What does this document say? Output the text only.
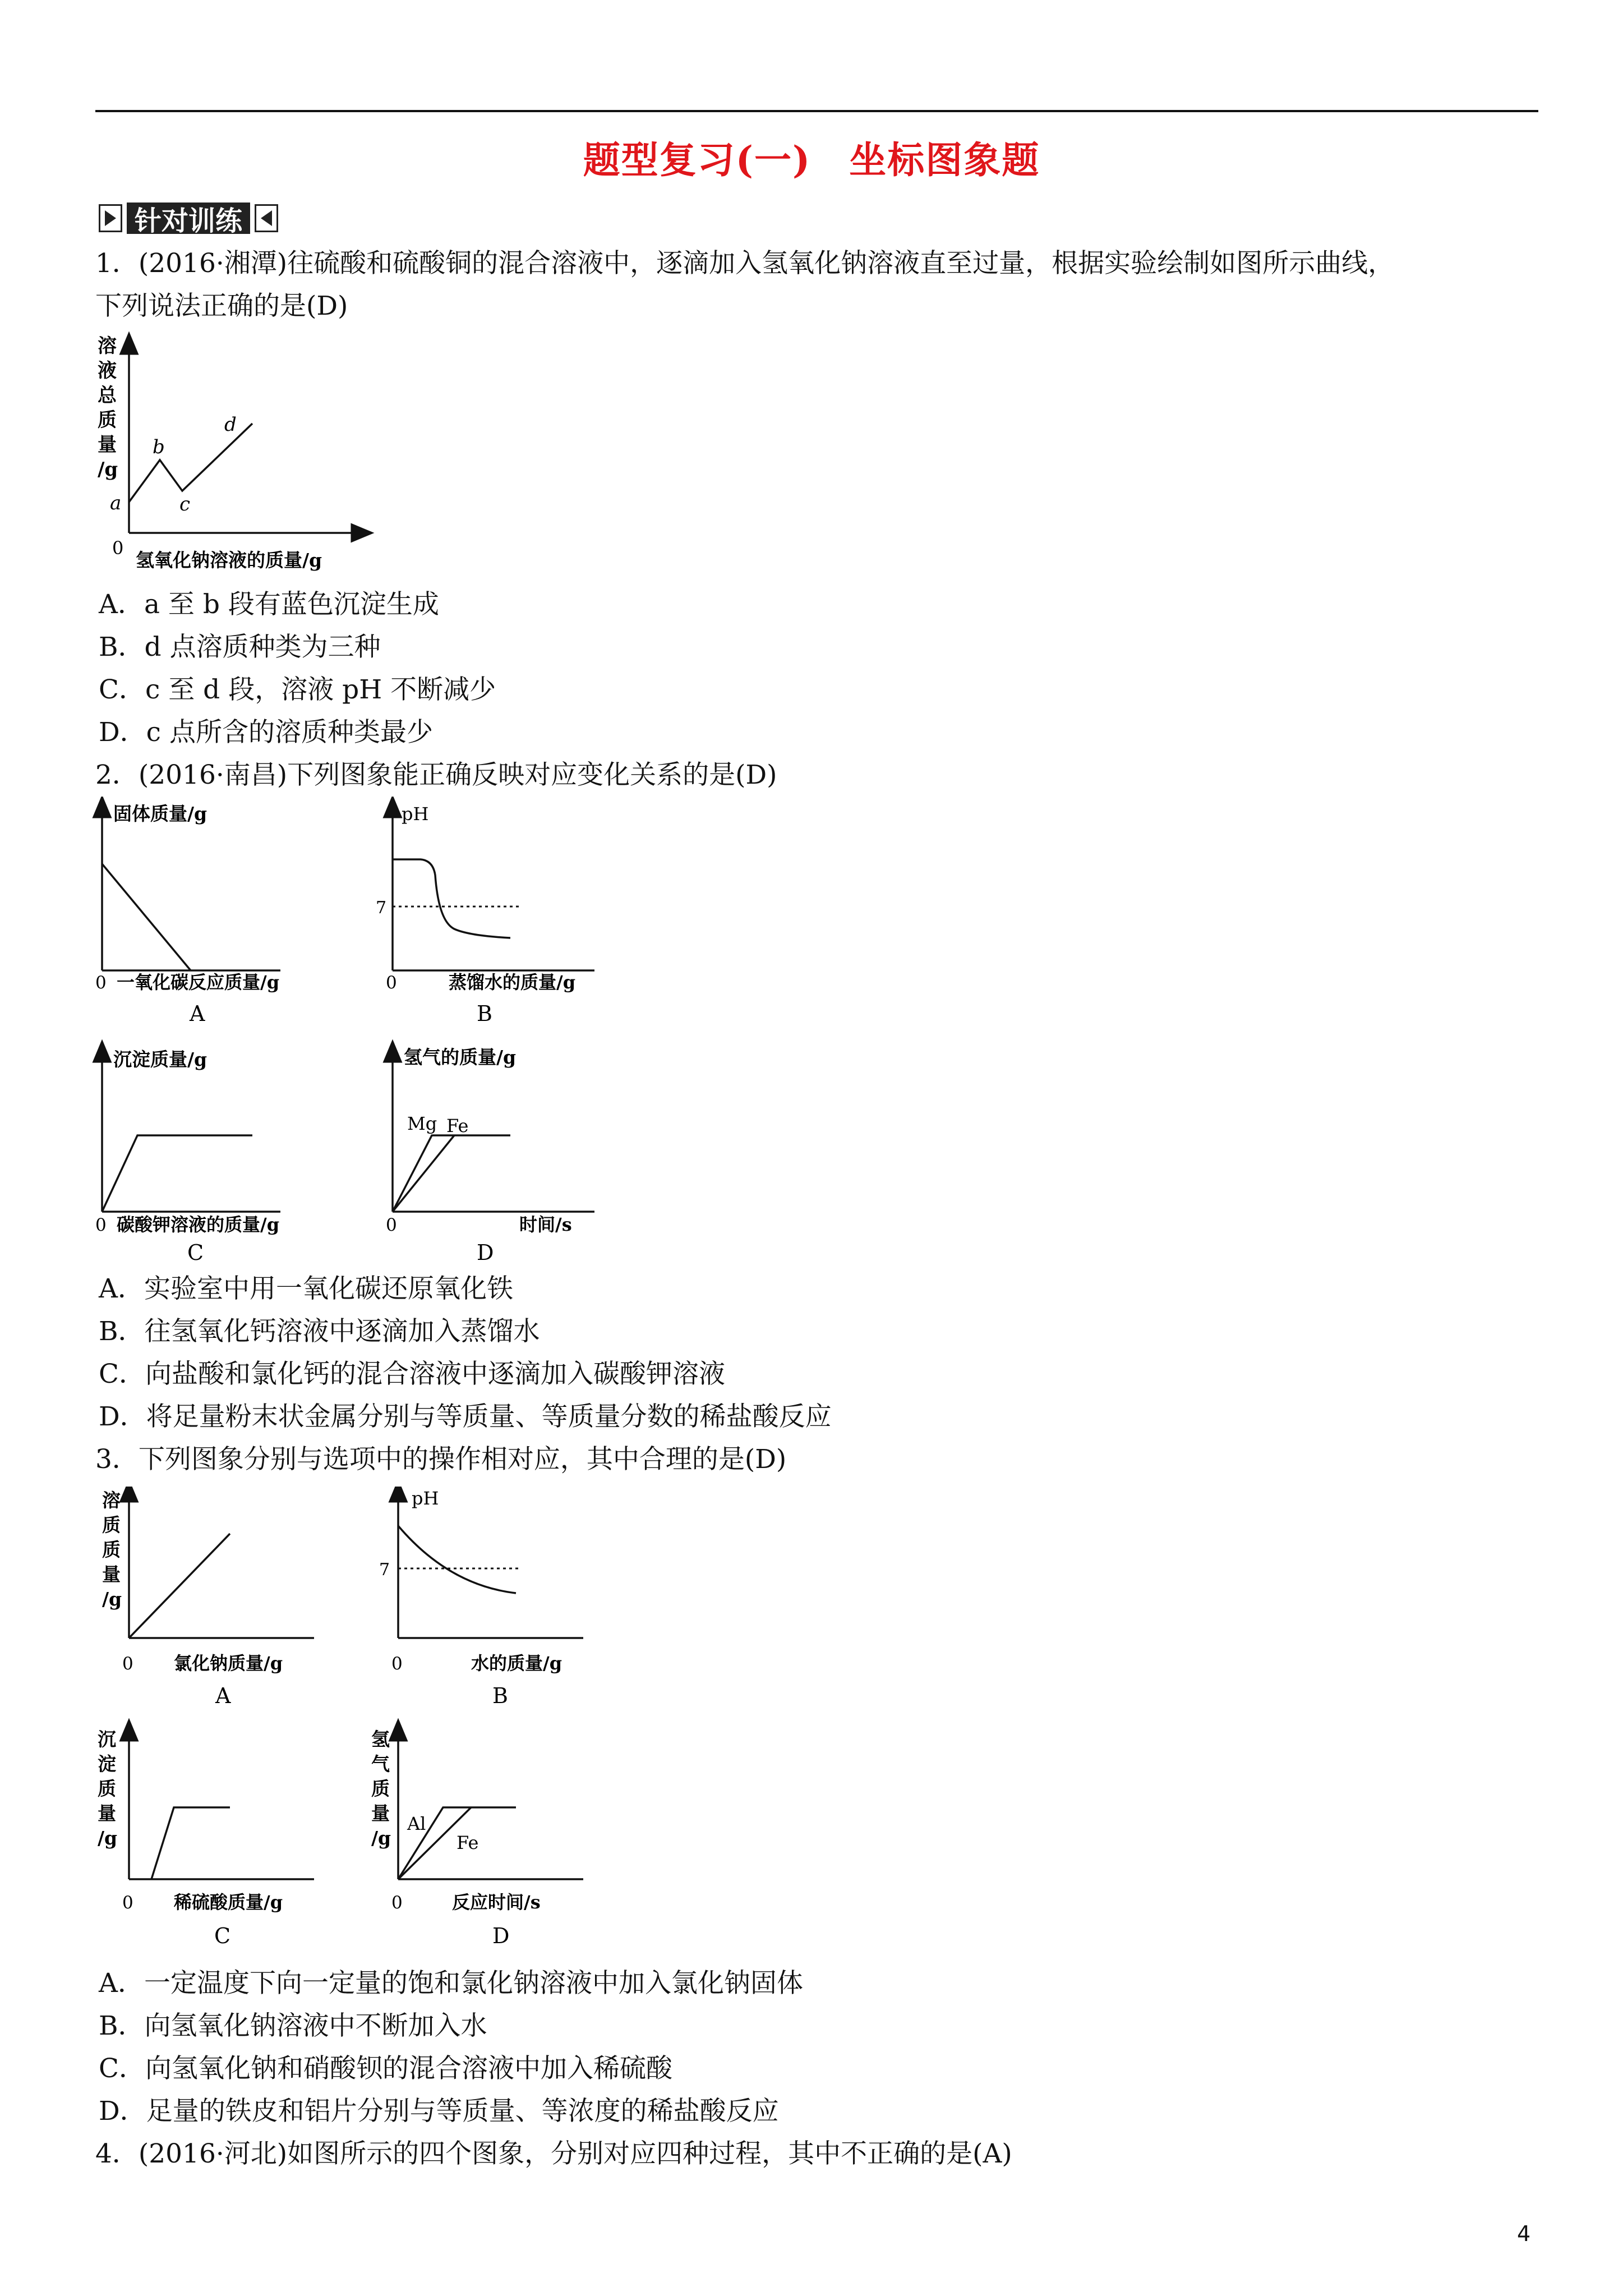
题型复习(一)　坐标图象题
针对训练
1．(2016·湘潭)往硫酸和硫酸铜的混合溶液中，逐滴加入氢氧化钠溶液直至过量，根据实验绘制如图所示曲线，
下列说法正确的是(D)
溶
液
总
质
量
/g
a
b
c
d
0
氢氧化钠溶液的质量/g
A．a 至 b 段有蓝色沉淀生成
B．d 点溶质种类为三种
C．c 至 d 段，溶液 pH 不断减少
D．c 点所含的溶质种类最少
2．(2016·南昌)下列图象能正确反映对应变化关系的是(D)
固体质量/g
0 一氧化碳反应质量/g
A
pH
7
0	蒸馏水的质量/g
B
沉淀质量/g
0 碳酸钾溶液的质量/g
C
氢气的质量/g
Mg Fe
0	时间/s
D
A．实验室中用一氧化碳还原氧化铁
B．往氢氧化钙溶液中逐滴加入蒸馏水
C．向盐酸和氯化钙的混合溶液中逐滴加入碳酸钾溶液
D．将足量粉末状金属分别与等质量、等质量分数的稀盐酸反应
3．下列图象分别与选项中的操作相对应，其中合理的是(D)
溶
质
质
量
/g
0 氯化钠质量/g
A
pH
7
0	水的质量/g
B
沉
淀
质
量
/g
0 稀硫酸质量/g
C
氢
气
质
量
/g
Al
Fe
0	反应时间/s
D
A．一定温度下向一定量的饱和氯化钠溶液中加入氯化钠固体
B．向氢氧化钠溶液中不断加入水
C．向氢氧化钠和硝酸钡的混合溶液中加入稀硫酸
D．足量的铁皮和铝片分别与等质量、等浓度的稀盐酸反应
4．(2016·河北)如图所示的四个图象，分别对应四种过程，其中不正确的是(A)
4
